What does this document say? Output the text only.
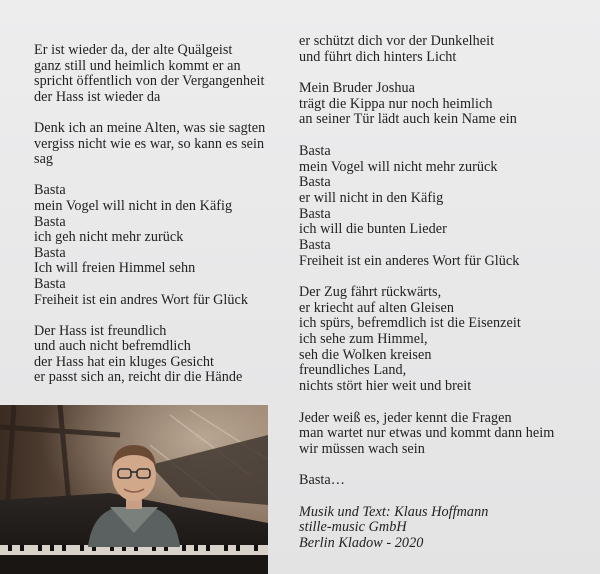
Er ist wieder da, der alte Quälgeist
ganz still und heimlich kommt er an
spricht öffentlich von der Vergangenheit
der Hass ist wieder da
Denk ich an meine Alten, was sie sagten
vergiss nicht wie es war, so kann es sein
sag
Basta
mein Vogel will nicht in den Käfig
Basta
ich geh nicht mehr zurück
Basta
Ich will freien Himmel sehn
Basta
Freiheit ist ein andres Wort für Glück
Der Hass ist freundlich
und auch nicht befremdlich
der Hass hat ein kluges Gesicht
er passt sich an, reicht dir die Hände
er schützt dich vor der Dunkelheit
und führt dich hinters Licht
Mein Bruder Joshua
trägt die Kippa nur noch heimlich
an seiner Tür lädt auch kein Name ein
Basta
mein Vogel will nicht mehr zurück
Basta
er will nicht in den Käfig
Basta
ich will die bunten Lieder
Basta
Freiheit ist ein anderes Wort für Glück
Der Zug fährt rückwärts,
er kriecht auf alten Gleisen
ich spürs, befremdlich ist die Eisenzeit
ich sehe zum Himmel,
seh die Wolken kreisen
freundliches Land,
nichts stört hier weit und breit
Jeder weiß es, jeder kennt die Fragen
man wartet nur etwas und kommt dann heim
wir müssen wach sein
Basta…
Musik und Text: Klaus Hoffmann
stille-music GmbH
Berlin Kladow - 2020
